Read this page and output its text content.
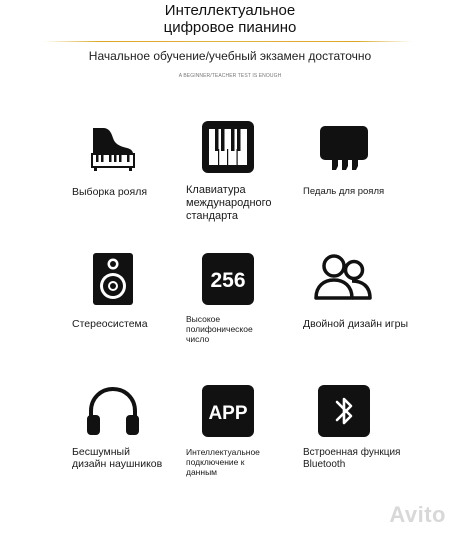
Интеллектуальное
цифровое пианино
Начальное обучение/учебный экзамен достаточно
A BEGINNER/TEACHER TEST IS ENOUGH
Выборка рояля	Клавиатура
международного
стандарта
Педаль для рояля
Стереосистема
256
Высокое
полифоническое
число
Двойной дизайн игры
Бесшумный
дизайн наушников
APP
Интеллектуальное
подключение к
данным
Встроенная функция
Bluetooth
Avito
